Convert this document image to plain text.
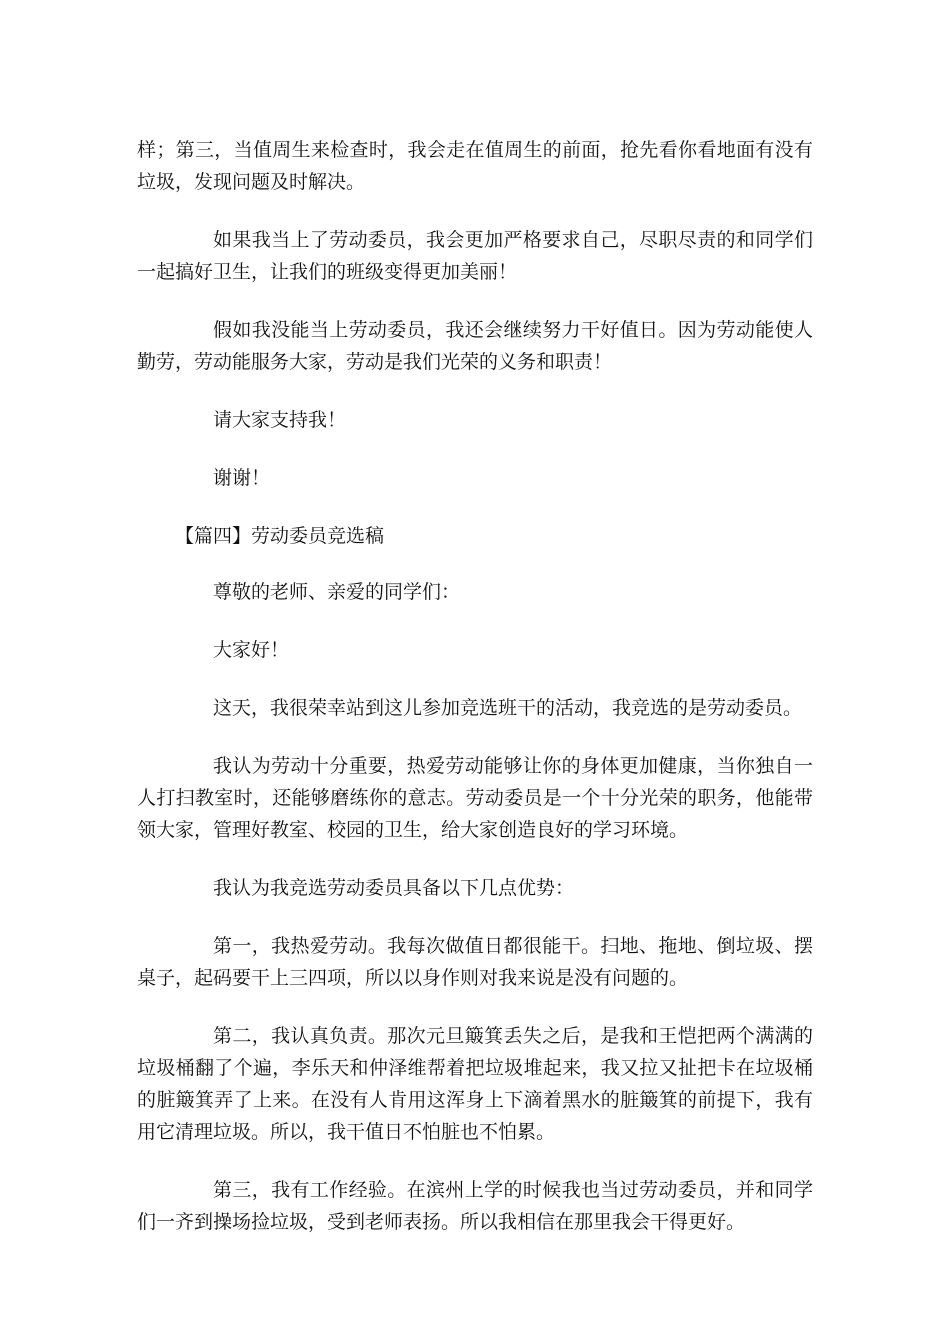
样；第三，当值周生来检查时，我会走在值周生的前面，抢先看你看地面有没有垃圾，发现问题及时解决。

如果我当上了劳动委员，我会更加严格要求自己，尽职尽责的和同学们一起搞好卫生，让我们的班级变得更加美丽！

假如我没能当上劳动委员，我还会继续努力干好值日。因为劳动能使人勤劳，劳动能服务大家，劳动是我们光荣的义务和职责！

请大家支持我！

谢谢！

【篇四】劳动委员竞选稿

尊敬的老师、亲爱的同学们：

大家好！

这天，我很荣幸站到这儿参加竞选班干的活动，我竞选的是劳动委员。

我认为劳动十分重要，热爱劳动能够让你的身体更加健康，当你独自一人打扫教室时，还能够磨练你的意志。劳动委员是一个十分光荣的职务，他能带领大家，管理好教室、校园的卫生，给大家创造良好的学习环境。

我认为我竞选劳动委员具备以下几点优势：

第一，我热爱劳动。我每次做值日都很能干。扫地、拖地、倒垃圾、摆桌子，起码要干上三四项，所以以身作则对我来说是没有问题的。

第二，我认真负责。那次元旦簸箕丢失之后，是我和王恺把两个满满的垃圾桶翻了个遍，李乐天和仲泽维帮着把垃圾堆起来，我又拉又扯把卡在垃圾桶的脏簸箕弄了上来。在没有人肯用这浑身上下滴着黑水的脏簸箕的前提下，我有用它清理垃圾。所以，我干值日不怕脏也不怕累。

第三，我有工作经验。在滨州上学的时候我也当过劳动委员，并和同学们一齐到操场捡垃圾，受到老师表扬。所以我相信在那里我会干得更好。
